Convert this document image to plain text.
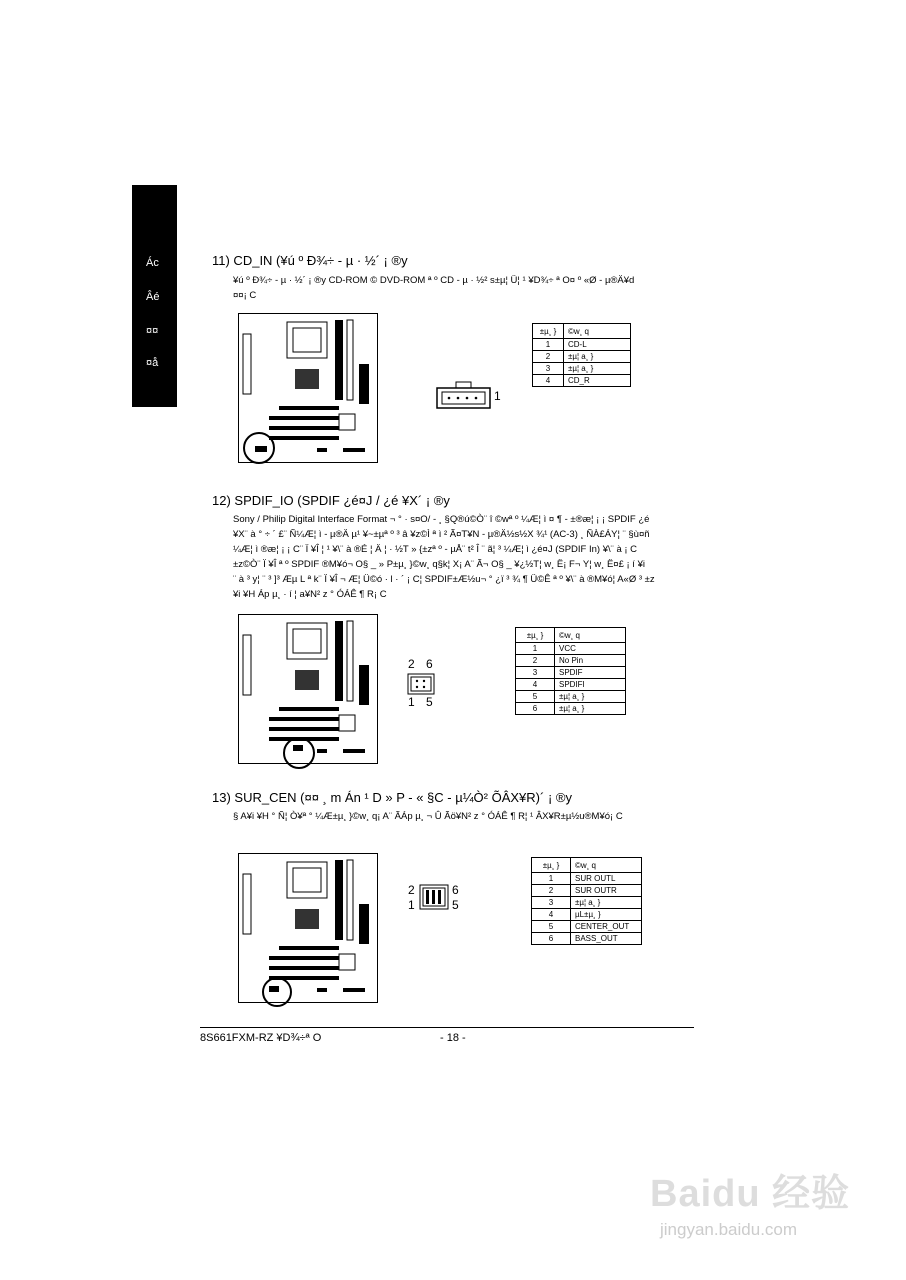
Ác
Âé
¤¤
¤å
11) CD_IN (¥ú º Ð¾÷ - µ · ½´ ¡ ®y
¥ú º Ð¾÷ - µ · ½´ ¡ ®y CD-ROM © DVD-ROM ª º CD - µ · ½² s±µ¦ Ü¦ ¹ ¥D¾÷ ª O¤ º «Ø - µ®Ä¥d
¤¤¡ C
1
±µ¸ }	©w¸ q
1	CD-L
2	±µ¦ a¸ }
3	±µ¦ a¸ }
4	CD_R
12) SPDIF_IO (SPDIF ¿é¤J / ¿é ¥X´ ¡ ®y
Sony / Philip Digital Interface Format ¬ ° · s¤O/ - ¸ §Q®ú©Ò¨ î ©wª º ¼Æ¦ ì ¤ ¶ - ±®æ¦ ¡ ¡ SPDIF ¿é
¥X¨ à ° ÷ ´ £¨ Ñ¼Æ¦ ì - µ®Ä µ¹ ¥~±µª º ³ â ¥z©Ì ª ì ² Ã¤T¥N - µ®Ä½s½X ¾¹ (AC-3) ¸ ÑÀ£ÁY¦ ¨ §ù¤ñ
¼Æ¦ ì ®æ¦ ¡ ¡ C¨ Ï ¥Î ¦ ¹ ¥\¨ à ®É ¦ Ä ¦ · ½T » {±zª º - µÅ¨ t² Î ¨ ã¦ ³ ¼Æ¦ ì ¿é¤J (SPDIF In) ¥\¨ à ¡ C
±z©Ò¨ Ï ¥Î ª º SPDIF ®M¥ó¬ O§ _ » P±µ¸ }©w¸ q§k¦ X¡ A¨ Ã¬ O§ _ ¥¿½T¦ w¸ Ë¡ F¬ Y¦ w¸ Ë¤£ ¡ í ¥i
¨ à ³ y¦ ¨ ³ ]³ Æµ L ª k¨ Ï ¥Î ¬ Æ¦ Ü©ó · l · ´ ¡ C¦ SPDIF±Æ½u¬ ° ¿ï ³ ¾ ¶ Ü©Ê ª º ¥\¨ à ®M¥ó¦ A«Ø ³ ±z
¥i ¥H Áp µ¸ · í ¦ a¥N² z ° ÓÁÊ ¶ R¡ C
2 6
1 5
±µ¸ }	©w¸ q
1	VCC
2	No Pin
3	SPDIF
4	SPDIFI
5	±µ¦ a¸ }
6	±µ¦ a¸ }
13) SUR_CEN (¤¤ ¸ m Án ¹ D » P - « §C - µ¼Ò² ÕÂX¥R)´ ¡ ®y
§ A¥i ¥H ° Ñ¦ Ò¥ª ° ¼Æ±µ¸ }©w¸ q¡ A¨ ÃÁp µ¸ ¬ Û Ãö¥N² z ° ÓÁÊ ¶ R¦ ¹ ÂX¥R±µ½u®M¥ó¡ C
2
1
6
5
±µ¸ }	©w¸ q
1	SUR OUTL
2	SUR OUTR
3	±µ¦ a¸ }
4	µL±µ¸ }
5	CENTER_OUT
6	BASS_OUT
8S661FXM-RZ ¥D¾÷ª O	- 18 -
Baidu 经验
jingyan.baidu.com
